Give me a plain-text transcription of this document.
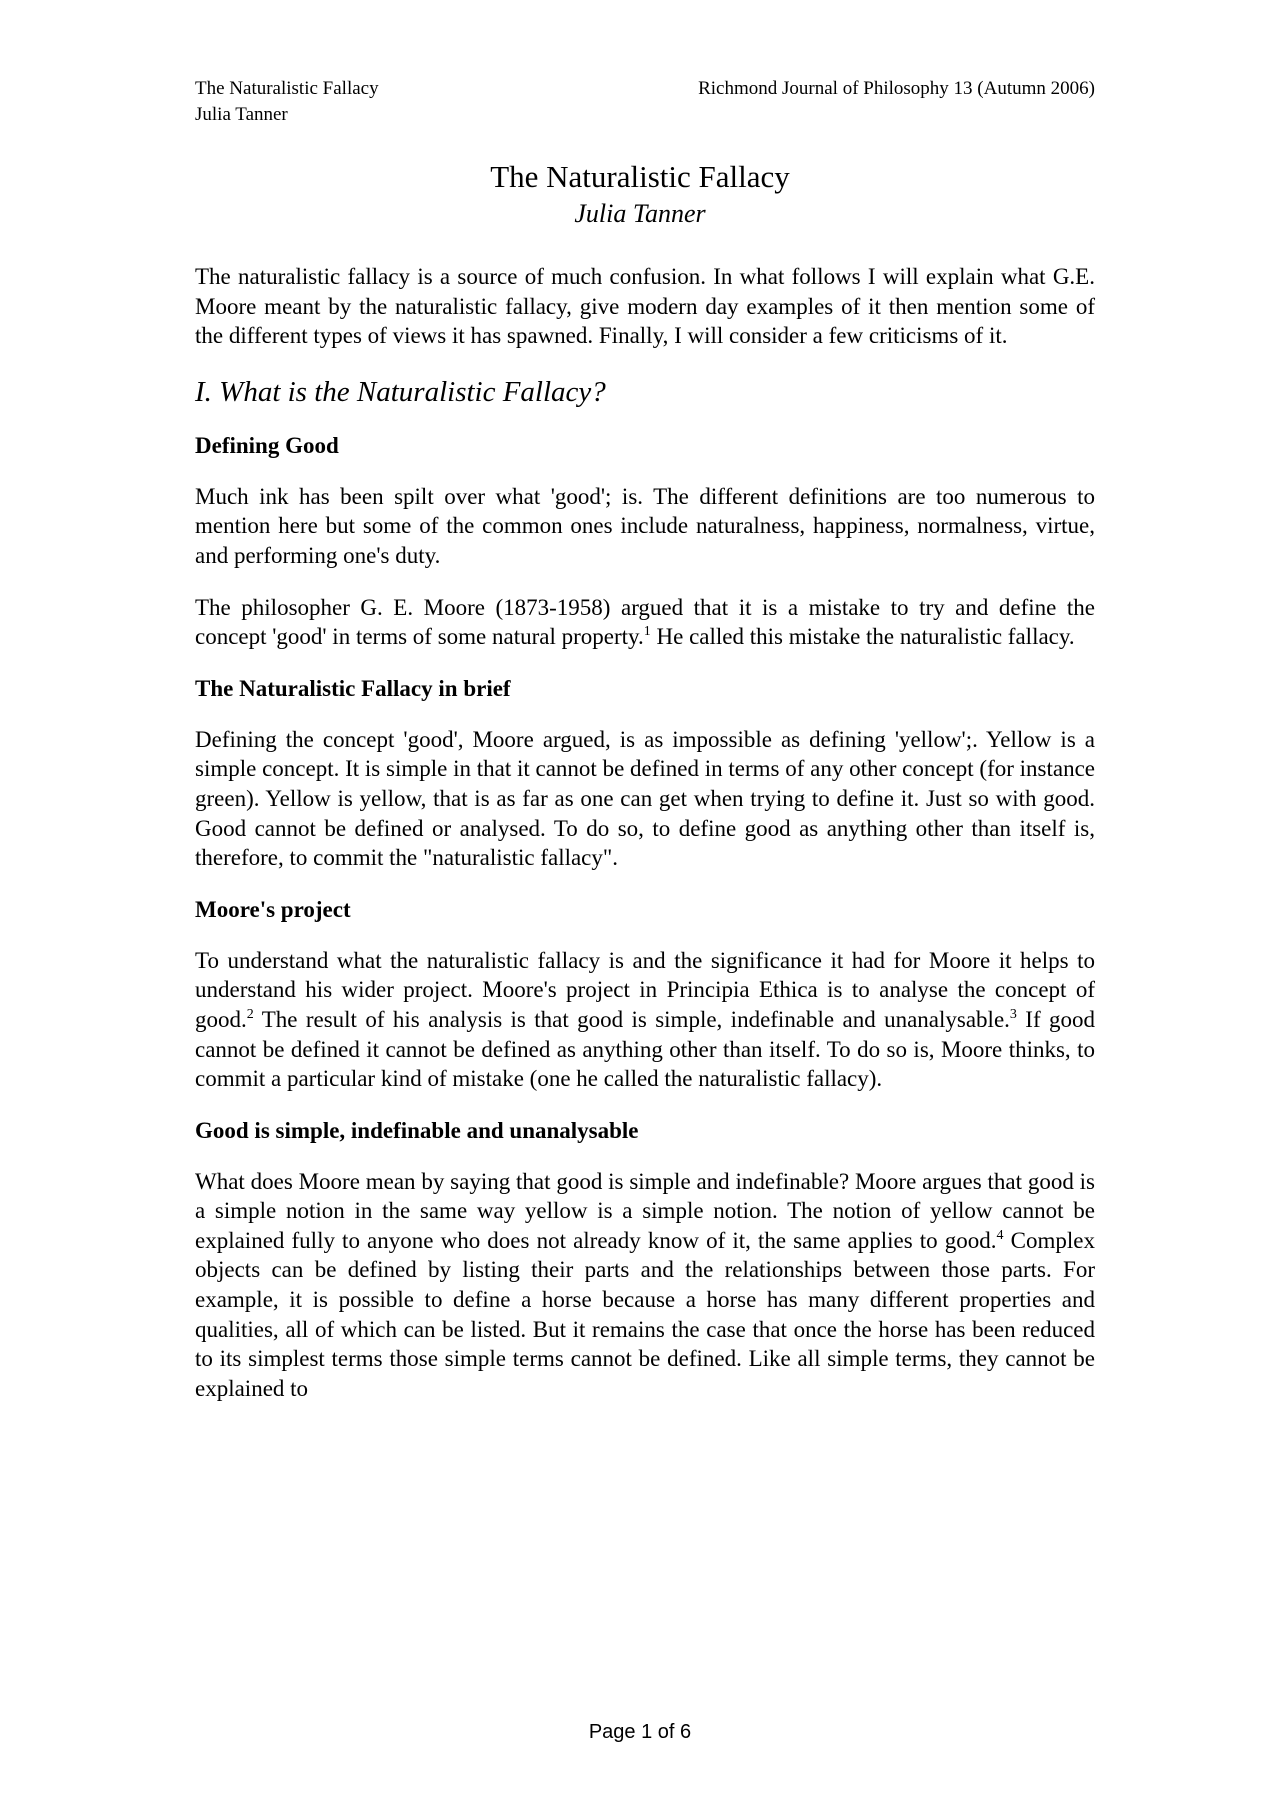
The Naturalistic Fallacy	Richmond Journal of Philosophy 13 (Autumn 2006)
Julia Tanner
The Naturalistic Fallacy
Julia Tanner

The naturalistic fallacy is a source of much confusion. In what follows I will explain what G.E. Moore meant by the naturalistic fallacy, give modern day examples of it then mention some of the different types of views it has spawned. Finally, I will consider a few criticisms of it.

I. What is the Naturalistic Fallacy?
Defining Good

Much ink has been spilt over what 'good'; is. The different definitions are too numerous to mention here but some of the common ones include naturalness, happiness, normalness, virtue, and performing one's duty.

The philosopher G. E. Moore (1873-1958) argued that it is a mistake to try and define the concept 'good' in terms of some natural property.$^1$ He called this mistake the naturalistic fallacy.

The Naturalistic Fallacy in brief

Defining the concept 'good', Moore argued, is as impossible as defining 'yellow';. Yellow is a simple concept. It is simple in that it cannot be defined in terms of any other concept (for instance green). Yellow is yellow, that is as far as one can get when trying to define it. Just so with good. Good cannot be defined or analysed. To do so, to define good as anything other than itself is, therefore, to commit the "naturalistic fallacy".

Moore's project

To understand what the naturalistic fallacy is and the significance it had for Moore it helps to understand his wider project. Moore's project in Principia Ethica is to analyse the concept of good.$^2$ The result of his analysis is that good is simple, indefinable and unanalysable.$^3$ If good cannot be defined it cannot be defined as anything other than itself. To do so is, Moore thinks, to commit a particular kind of mistake (one he called the naturalistic fallacy).

Good is simple, indefinable and unanalysable

What does Moore mean by saying that good is simple and indefinable? Moore argues that good is a simple notion in the same way yellow is a simple notion. The notion of yellow cannot be explained fully to anyone who does not already know of it, the same applies to good.$^4$ Complex objects can be defined by listing their parts and the relationships between those parts. For example, it is possible to define a horse because a horse has many different properties and qualities, all of which can be listed. But it remains the case that once the horse has been reduced to its simplest terms those simple terms cannot be defined. Like all simple terms, they cannot be explained to

Page 1 of 6
